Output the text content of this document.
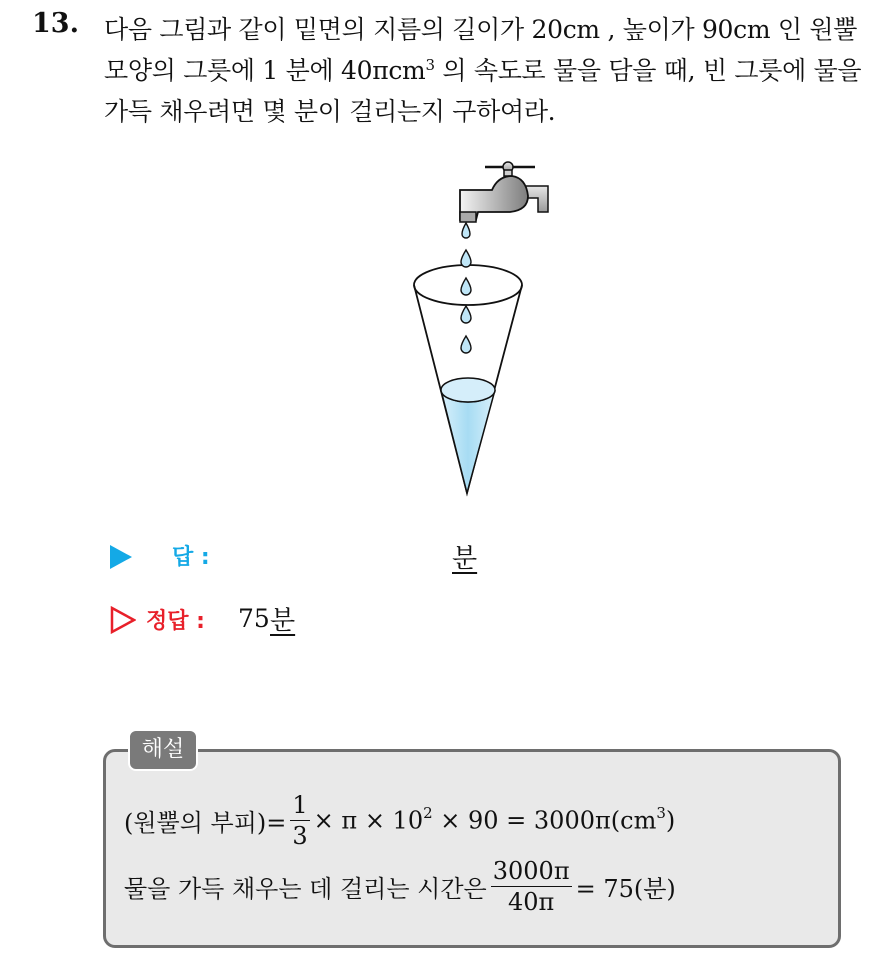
13. 다음 그림과 같이 밑면의 지름의 길이가 20cm , 높이가 90cm 인 원뿔
모양의 그릇에 1 분에 40πcm$^3$ 의 속도로 물을 담을 때, 빈 그릇에 물을
가득 채우려면 몇 분이 걸리는지 구하여라.
답 :	분
정답 : 75 분
해설
(원뿔의 부피)= $\frac{1}{3} \times \pi \times 10^2 \times 90 = 3000\pi(cm^3)$
물을 가득 채우는 데 걸리는 시간은 $\frac{3000\pi}{40\pi} = 75$(분)
